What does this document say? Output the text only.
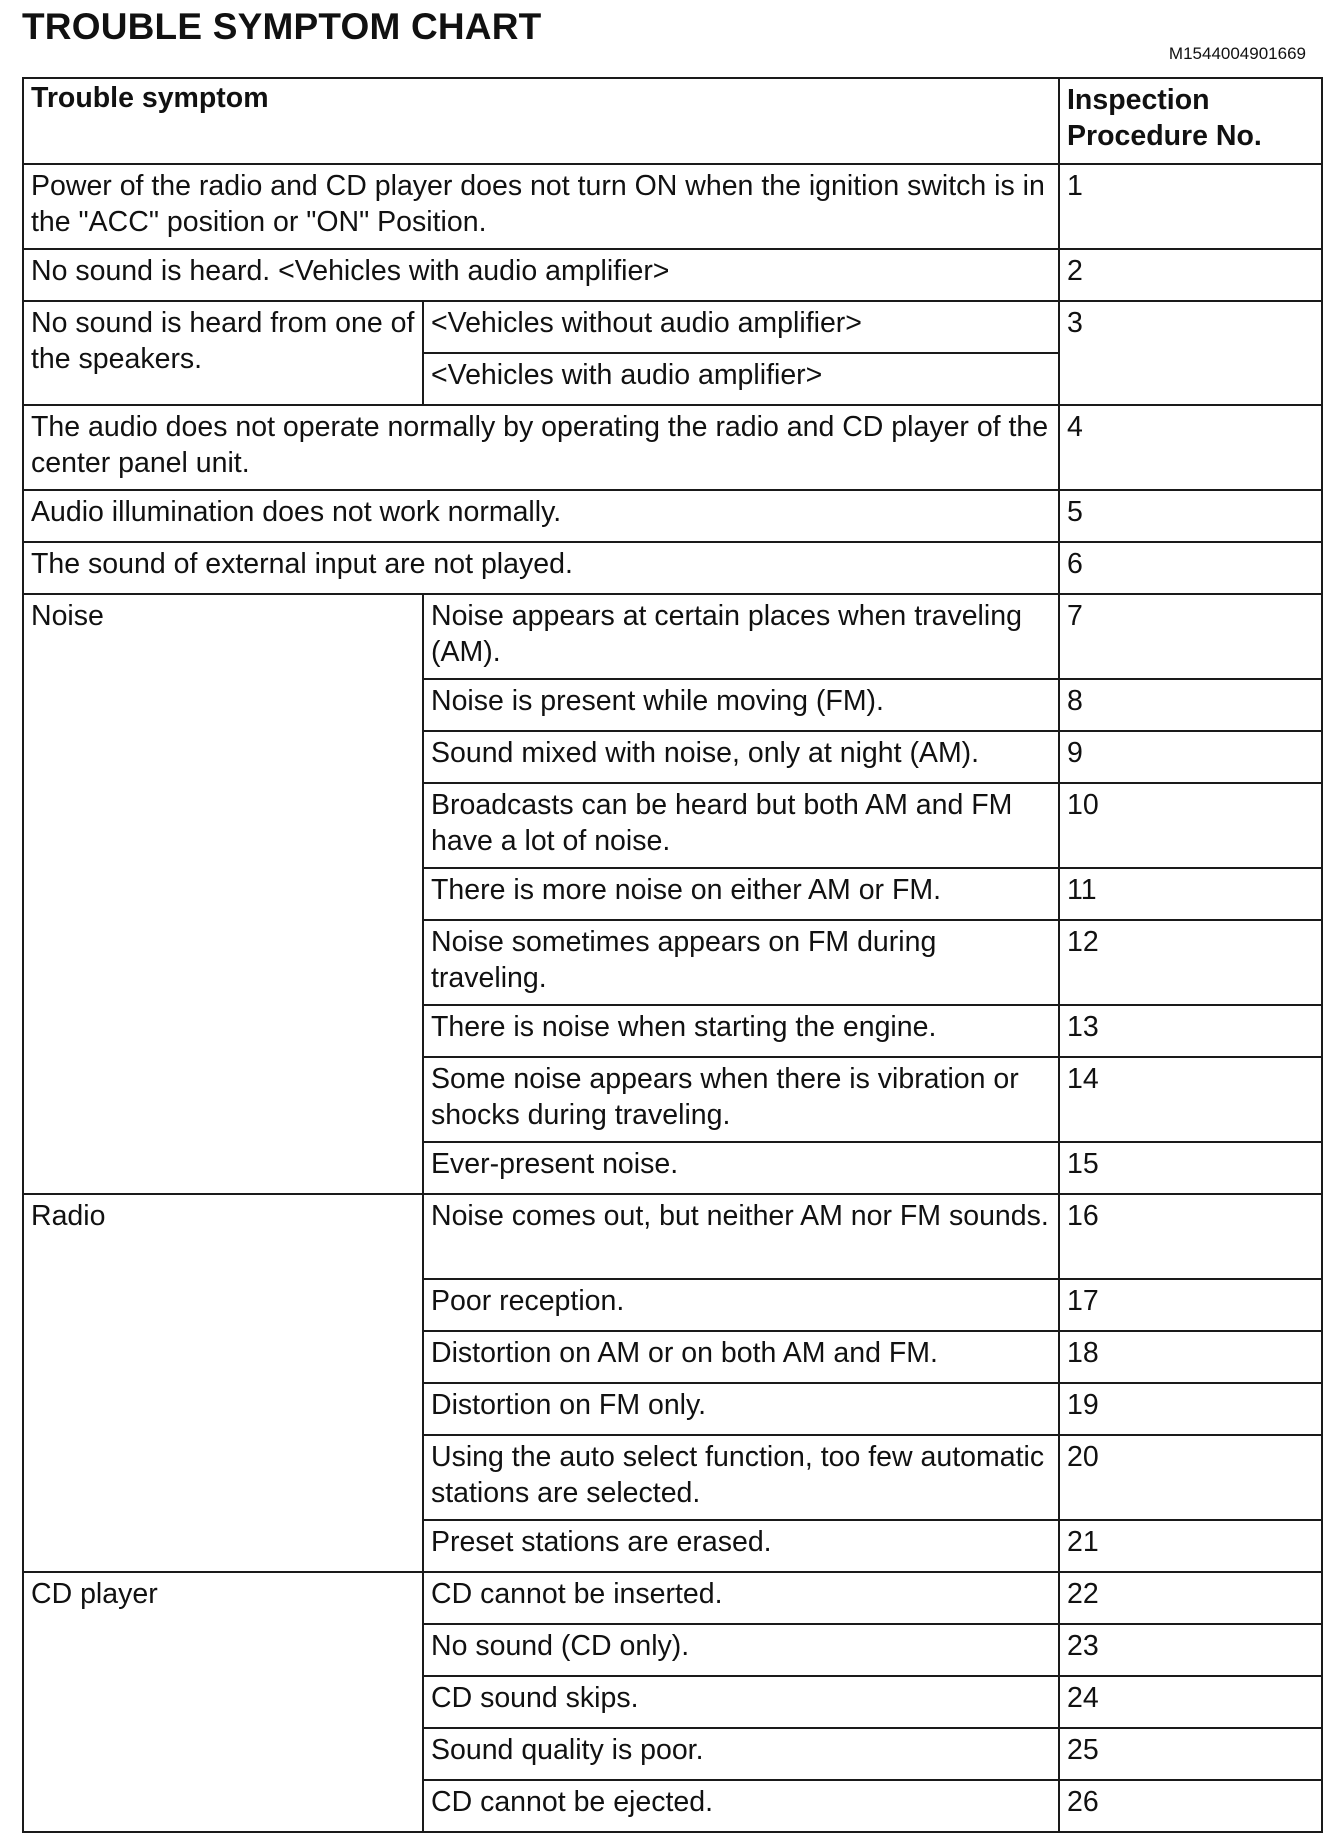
TROUBLE SYMPTOM CHART
M1544004901669
Trouble symptom		Inspection
Procedure No.
Power of the radio and CD player does not turn ON when the ignition switch is in the "ACC" position or "ON" Position.		1
No sound is heard. <Vehicles with audio amplifier>		2
No sound is heard from one of the speakers.	<Vehicles without audio amplifier>	3
	<Vehicles with audio amplifier>	
The audio does not operate normally by operating the radio and CD player of the center panel unit.		4
Audio illumination does not work normally.		5
The sound of external input are not played.		6
Noise	Noise appears at certain places when traveling (AM).	7
	Noise is present while moving (FM).	8
	Sound mixed with noise, only at night (AM).	9
	Broadcasts can be heard but both AM and FM have a lot of noise.	10
	There is more noise on either AM or FM.	11
	Noise sometimes appears on FM during traveling.	12
	There is noise when starting the engine.	13
	Some noise appears when there is vibration or shocks during traveling.	14
	Ever-present noise.	15
Radio	Noise comes out, but neither AM nor FM sounds.	16
	Poor reception.	17
	Distortion on AM or on both AM and FM.	18
	Distortion on FM only.	19
	Using the auto select function, too few automatic stations are selected.	20
	Preset stations are erased.	21
CD player	CD cannot be inserted.	22
	No sound (CD only).	23
	CD sound skips.	24
	Sound quality is poor.	25
	CD cannot be ejected.	26
